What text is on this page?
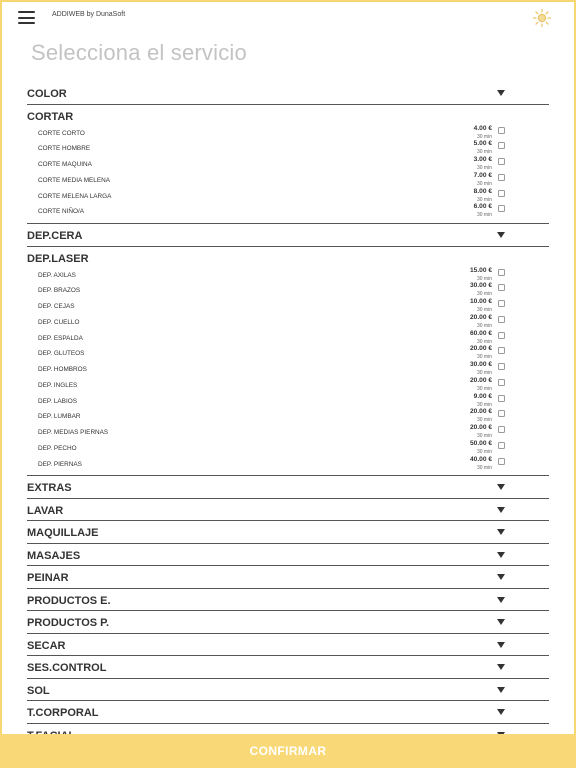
ADDIWEB by DunaSoft
Selecciona el servicio
COLOR
CORTAR
CORTE CORTO
4.00 €
30 min
CORTE HOMBRE
5.00 €
30 min
CORTE MAQUINA
3.00 €
30 min
CORTE MEDIA MELENA
7.00 €
30 min
CORTE MELENA LARGA
8.00 €
30 min
CORTE NIÑO/A
6.00 €
30 min
DEP.CERA
DEP.LASER
DEP. AXILAS
15.00 €
30 min
DEP. BRAZOS
30.00 €
30 min
DEP. CEJAS
10.00 €
30 min
DEP. CUELLO
20.00 €
30 min
DEP. ESPALDA
60.00 €
30 min
DEP. GLUTEOS
20.00 €
30 min
DEP. HOMBROS
30.00 €
30 min
DEP. INGLES
20.00 €
30 min
DEP. LABIOS
9.00 €
30 min
DEP. LUMBAR
20.00 €
30 min
DEP. MEDIAS PIERNAS
20.00 €
30 min
DEP. PECHO
50.00 €
30 min
DEP. PIERNAS
40.00 €
30 min
EXTRAS
LAVAR
MAQUILLAJE
MASAJES
PEINAR
PRODUCTOS E.
PRODUCTOS P.
SECAR
SES.CONTROL
SOL
T.CORPORAL
CONFIRMAR
